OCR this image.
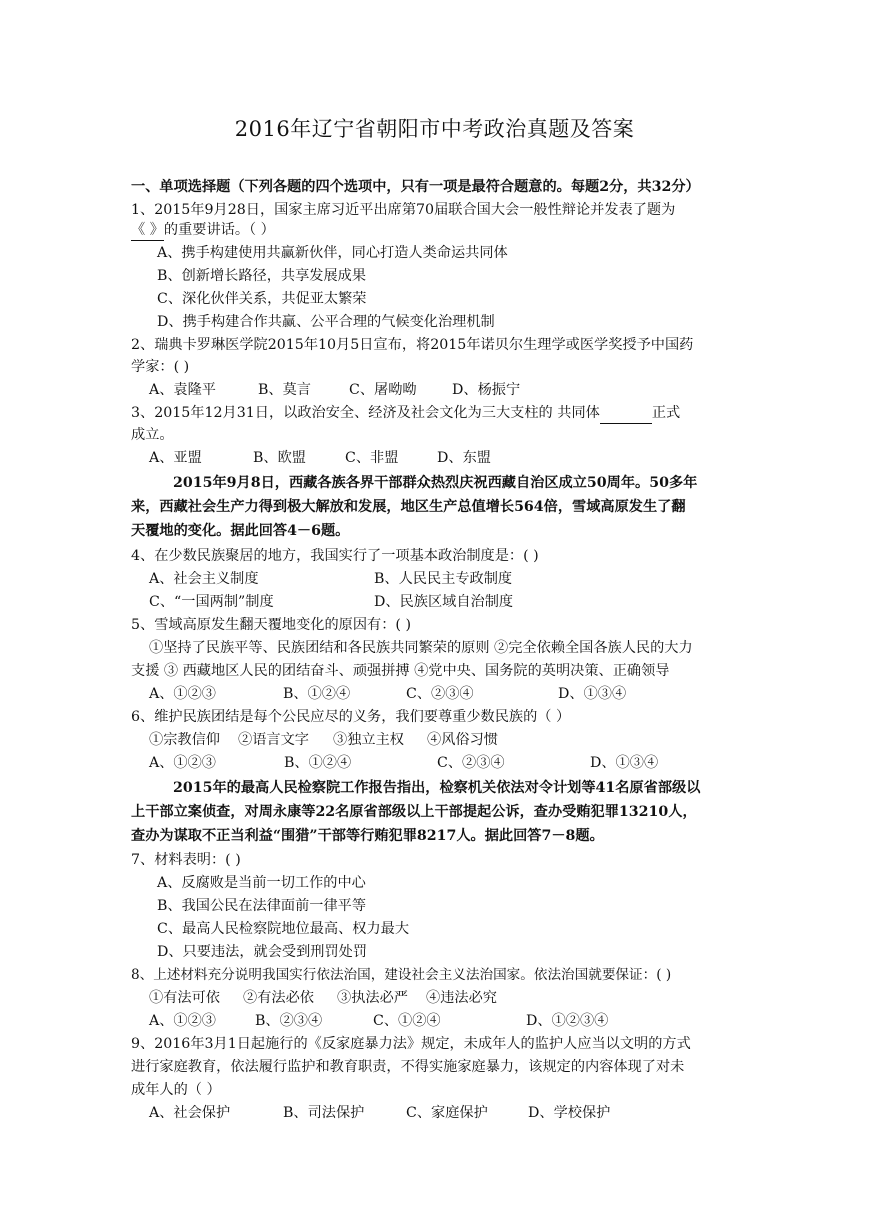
2016年辽宁省朝阳市中考政治真题及答案
一、单项选择题（下列各题的四个选项中，只有一项是最符合题意的。每题2分，共32分）
1、2015年9月28日，国家主席习近平出席第70届联合国大会一般性辩论并发表了题为
《 》的重要讲话。（ ）
A、携手构建使用共赢新伙伴，同心打造人类命运共同体
B、创新增长路径，共享发展成果
C、深化伙伴关系，共促亚太繁荣
D、携手构建合作共赢、公平合理的气候变化治理机制
2、瑞典卡罗琳医学院2015年10月5日宣布，将2015年诺贝尔生理学或医学奖授予中国药
学家：( )
A、袁隆平	B、莫言	C、屠呦呦 D、杨振宁
3、2015年12月31日，以政治安全、经济及社会文化为三大支柱的 共同体	正式
成立。
A、亚盟	B、欧盟	C、非盟	D、东盟
2015年9月8日，西藏各族各界干部群众热烈庆祝西藏自治区成立50周年。50多年
来，西藏社会生产力得到极大解放和发展，地区生产总值增长564倍，雪域高原发生了翻
天覆地的变化。据此回答4－6题。
4、在少数民族聚居的地方，我国实行了一项基本政治制度是：( )
A、社会主义制度	B、人民民主专政制度
C、“一国两制”制度	D、民族区域自治制度
5、雪域高原发生翻天覆地变化的原因有：( )
①坚持了民族平等、民族团结和各民族共同繁荣的原则 ②完全依赖全国各族人民的大力
支援 ③ 西藏地区人民的团结奋斗、顽强拼搏 ④党中央、国务院的英明决策、正确领导
A、①②③	B、①②④	C、②③④	D、①③④
6、维护民族团结是每个公民应尽的义务，我们要尊重少数民族的（ ）
①宗教信仰 ②语言文字 ③独立主权 ④风俗习惯
A、①②③	B、①②④	C、②③④	D、①③④
2015年的最高人民检察院工作报告指出，检察机关依法对令计划等41名原省部级以
上干部立案侦查，对周永康等22名原省部级以上干部提起公诉，查办受贿犯罪13210人，
查办为谋取不正当利益“围猎”干部等行贿犯罪8217人。据此回答7－8题。
7、材料表明：( )
A、反腐败是当前一切工作的中心
B、我国公民在法律面前一律平等
C、最高人民检察院地位最高、权力最大
D、只要违法，就会受到刑罚处罚
8、上述材料充分说明我国实行依法治国，建设社会主义法治国家。依法治国就要保证：( )
①有法可依 ②有法必依 ③执法必严 ④违法必究
A、①②③	B、②③④	C、①②④	D、①②③④
9、2016年3月1日起施行的《反家庭暴力法》规定，未成年人的监护人应当以文明的方式
进行家庭教育，依法履行监护和教育职责，不得实施家庭暴力，该规定的内容体现了对未
成年人的（ ）
A、社会保护	B、司法保护	C、家庭保护	D、学校保护
